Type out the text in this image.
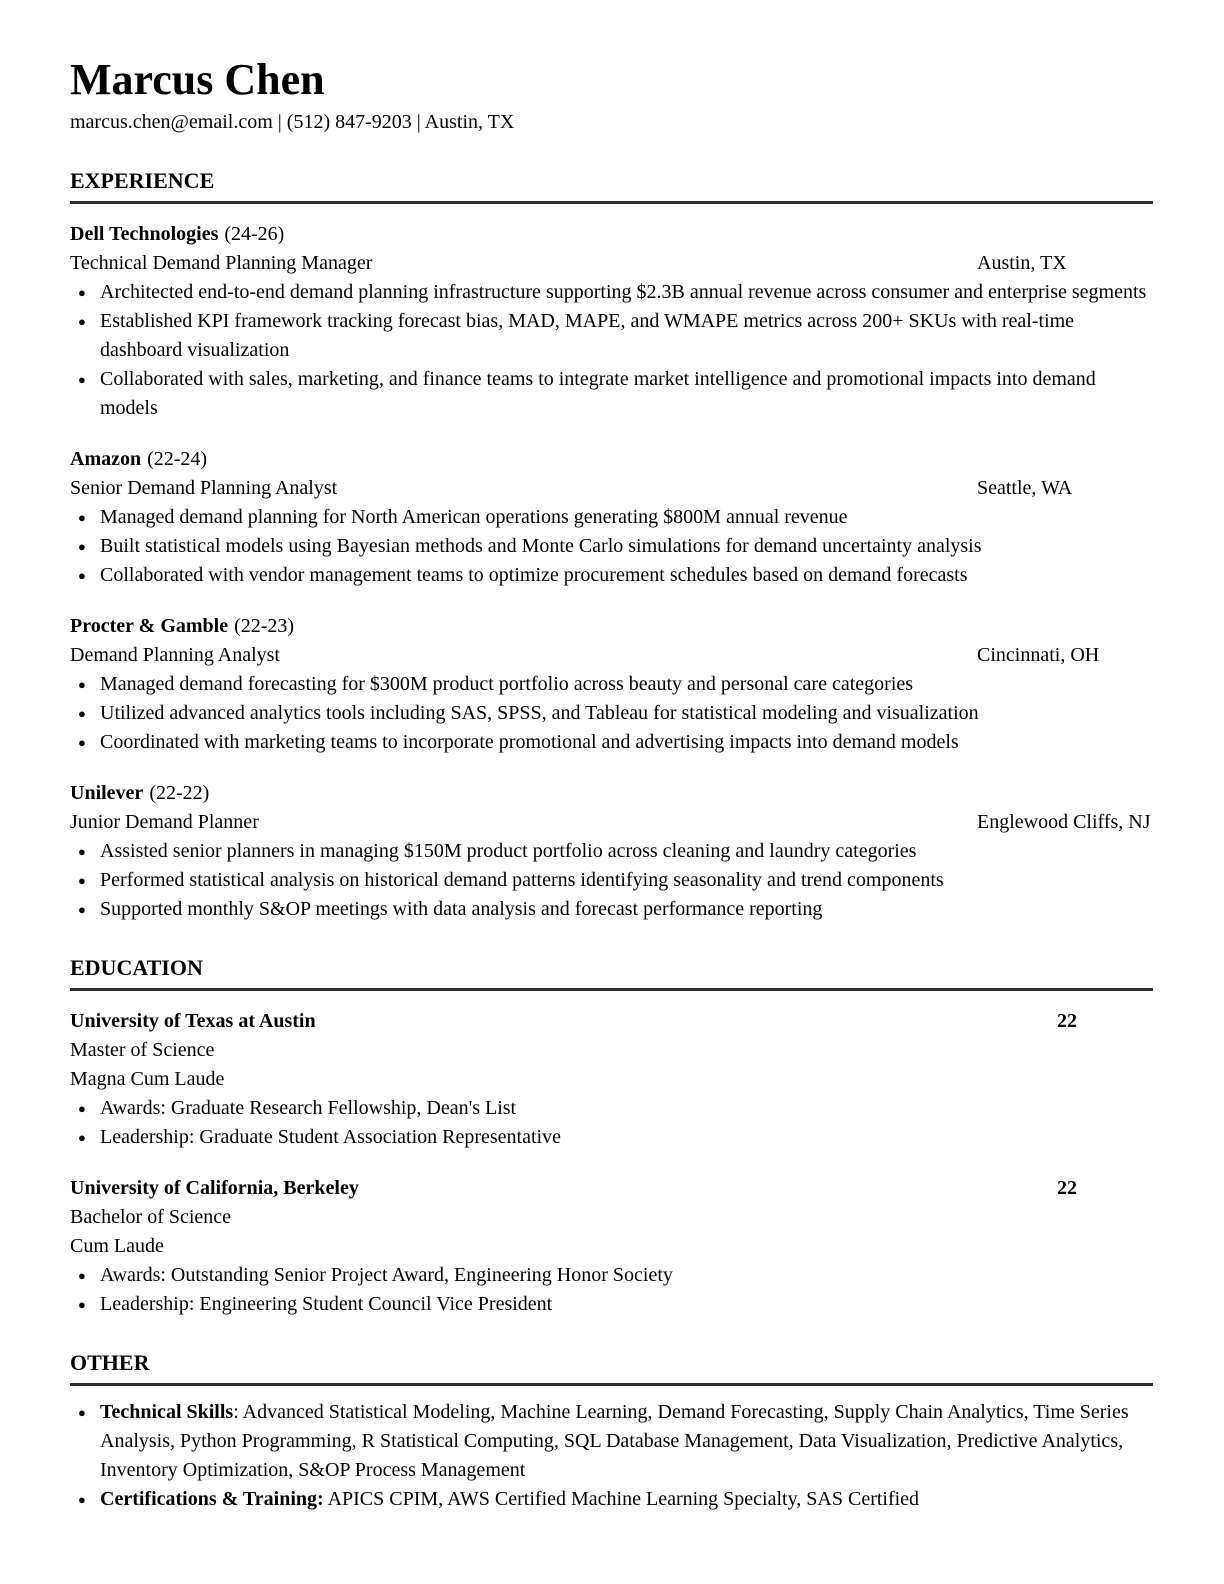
Marcus Chen
marcus.chen@email.com | (512) 847-9203 | Austin, TX
EXPERIENCE
Dell Technologies (24-26)
Technical Demand Planning Manager	Austin, TX
● Architected end-to-end demand planning infrastructure supporting $2.3B annual revenue across consumer and enterprise segments
● Established KPI framework tracking forecast bias, MAD, MAPE, and WMAPE metrics across 200+ SKUs with real-time dashboard visualization
● Collaborated with sales, marketing, and finance teams to integrate market intelligence and promotional impacts into demand models
Amazon (22-24)
Senior Demand Planning Analyst	Seattle, WA
● Managed demand planning for North American operations generating $800M annual revenue
● Built statistical models using Bayesian methods and Monte Carlo simulations for demand uncertainty analysis
● Collaborated with vendor management teams to optimize procurement schedules based on demand forecasts
Procter & Gamble (22-23)
Demand Planning Analyst	Cincinnati, OH
● Managed demand forecasting for $300M product portfolio across beauty and personal care categories
● Utilized advanced analytics tools including SAS, SPSS, and Tableau for statistical modeling and visualization
● Coordinated with marketing teams to incorporate promotional and advertising impacts into demand models
Unilever (22-22)
Junior Demand Planner	Englewood Cliffs, NJ
● Assisted senior planners in managing $150M product portfolio across cleaning and laundry categories
● Performed statistical analysis on historical demand patterns identifying seasonality and trend components
● Supported monthly S&OP meetings with data analysis and forecast performance reporting
EDUCATION
University of Texas at Austin	22
Master of Science
Magna Cum Laude
● Awards: Graduate Research Fellowship, Dean's List
● Leadership: Graduate Student Association Representative
University of California, Berkeley	22
Bachelor of Science
Cum Laude
● Awards: Outstanding Senior Project Award, Engineering Honor Society
● Leadership: Engineering Student Council Vice President
OTHER
● Technical Skills: Advanced Statistical Modeling, Machine Learning, Demand Forecasting, Supply Chain Analytics, Time Series Analysis, Python Programming, R Statistical Computing, SQL Database Management, Data Visualization, Predictive Analytics, Inventory Optimization, S&OP Process Management
● Certifications & Training: APICS CPIM, AWS Certified Machine Learning Specialty, SAS Certified
